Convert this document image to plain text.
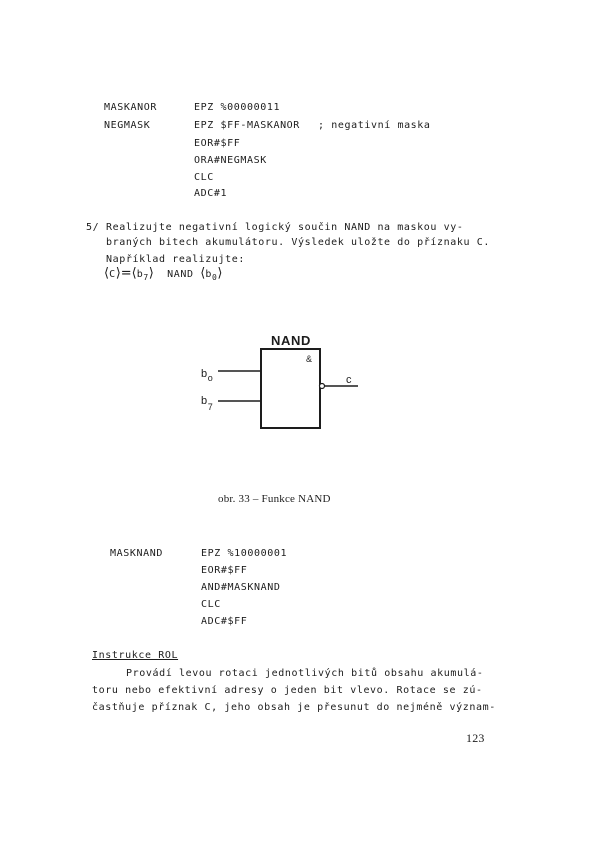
MASKANOR	EPZ %00000011
NEGMASK	EPZ $FF-MASKANOR ; negativní maska
EOR#$FF
ORA#NEGMASK
CLC
ADC#1
5/ Realizujte negativní logický součin NAND na maskou vy-
braných bitech akumulátoru. Výsledek uložte do příznaku C.
Například realizujte:
$⟨C⟩=⟨b_7⟩$ NAND $⟨b_0⟩$
NAND
&
$b_o$
$b_7$
c
obr. 33 – Funkce NAND
MASKNAND	EPZ %10000001
EOR#$FF
AND#MASKNAND
CLC
ADC#$FF
Instrukce ROL
Provádí levou rotaci jednotlivých bitů obsahu akumulá-
toru nebo efektivní adresy o jeden bit vlevo. Rotace se zú-
častňuje příznak C, jeho obsah je přesunut do nejméně význam-
123
